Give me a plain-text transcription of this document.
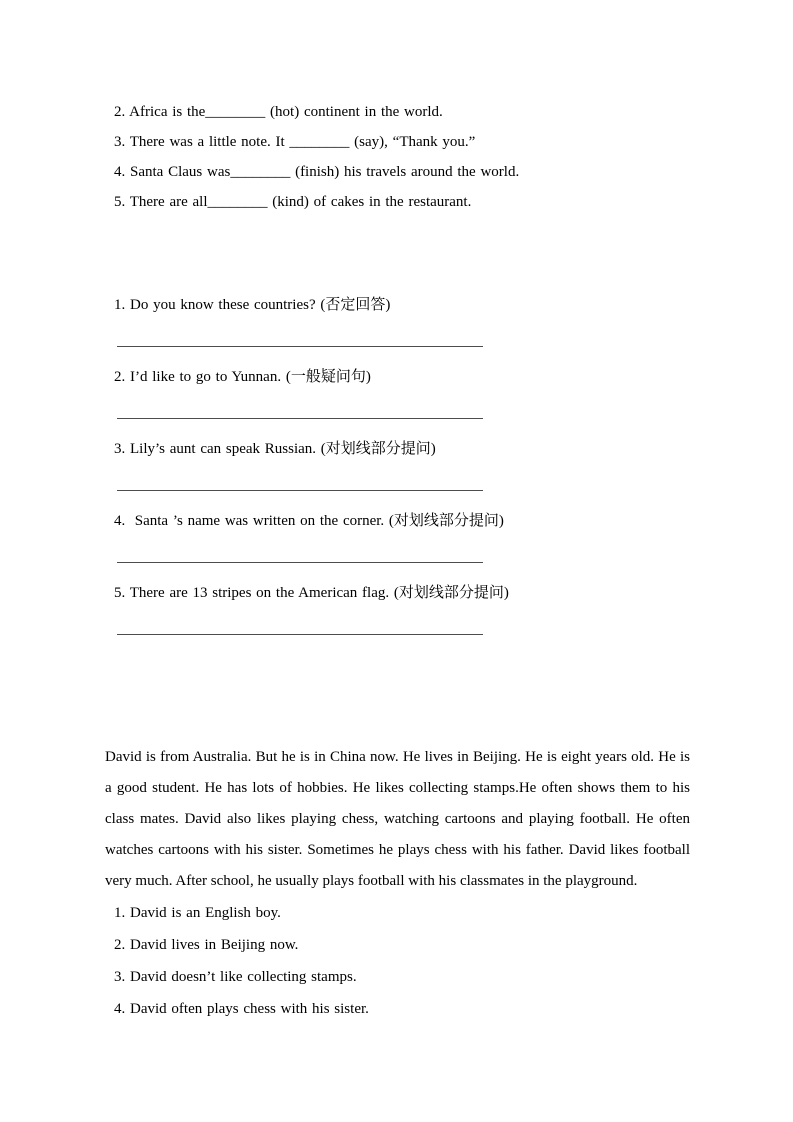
2. Africa is the________ (hot) continent in the world.
3. There was a little note. It ________ (say), “Thank you.”
4. Santa Claus was________ (finish) his travels around the world.
5. There are all________ (kind) of cakes in the restaurant.
1. Do you know these countries? (否定回答)
2. I’d like to go to Yunnan. (一般疑问句)
3. Lily’s aunt can speak Russian. (对划线部分提问)
4.  Santa ’s name was written on the corner. (对划线部分提问)
5. There are 13 stripes on the American flag. (对划线部分提问)
David is from Australia. But he is in China now. He lives in Beijing. He is eight years old. He is a good student. He has lots of hobbies. He likes collecting stamps.He often shows them to his class mates. David also likes playing chess, watching cartoons and playing football. He often watches cartoons with his sister. Sometimes he plays chess with his father. David likes football very much. After school, he usually plays football with his classmates in the playground.
1. David is an English boy.
2. David lives in Beijing now.
3. David doesn’t like collecting stamps.
4. David often plays chess with his sister.
